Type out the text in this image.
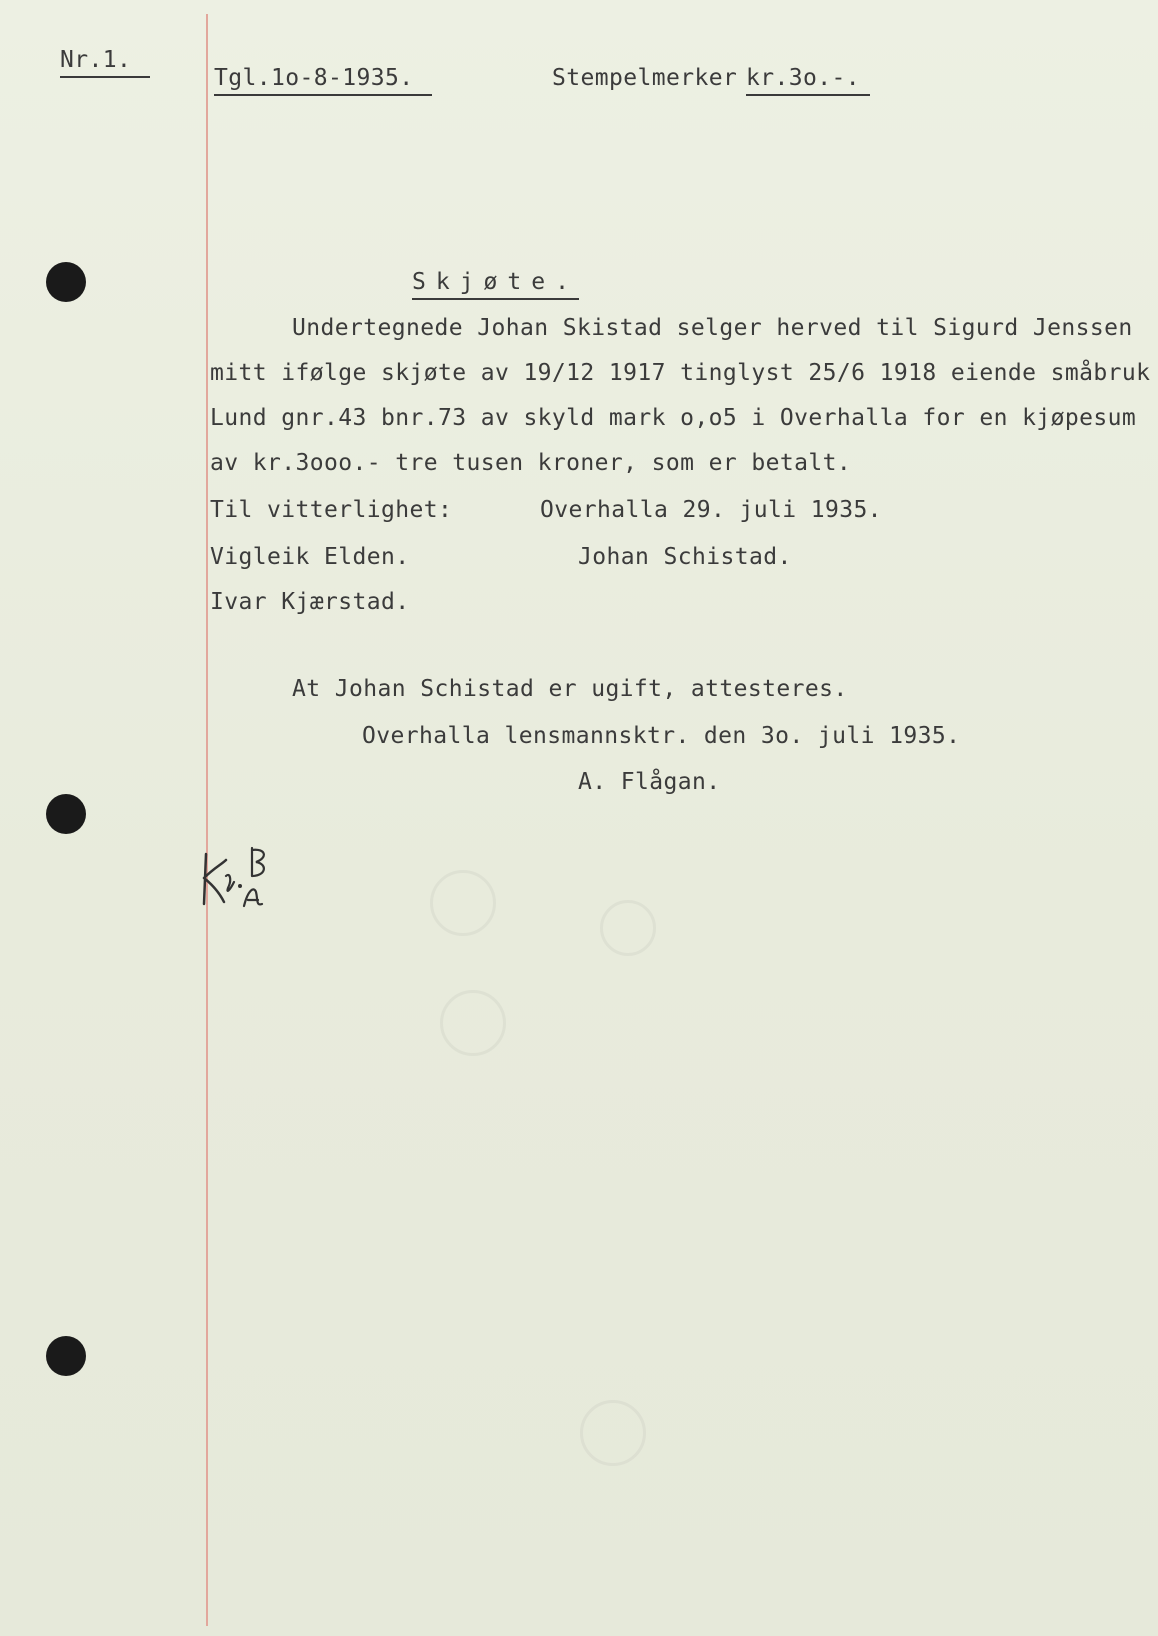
Nr.1.
Tgl.1o-8-1935.	Stempelmerker kr.3o.-.
Skjøte.
Undertegnede Johan Skistad selger herved til Sigurd Jenssen
mitt ifølge skjøte av 19/12 1917 tinglyst 25/6 1918 eiende småbruk
Lund gnr.43 bnr.73 av skyld mark o,o5 i Overhalla for en kjøpesum
av kr.3ooo.- tre tusen kroner, som er betalt.
Til vitterlighet:	Overhalla 29. juli 1935.
Vigleik Elden.	Johan Schistad.
Ivar Kjærstad.
At Johan Schistad er ugift, attesteres.
Overhalla lensmannsktr. den 3o. juli 1935.
A. Flågan.
